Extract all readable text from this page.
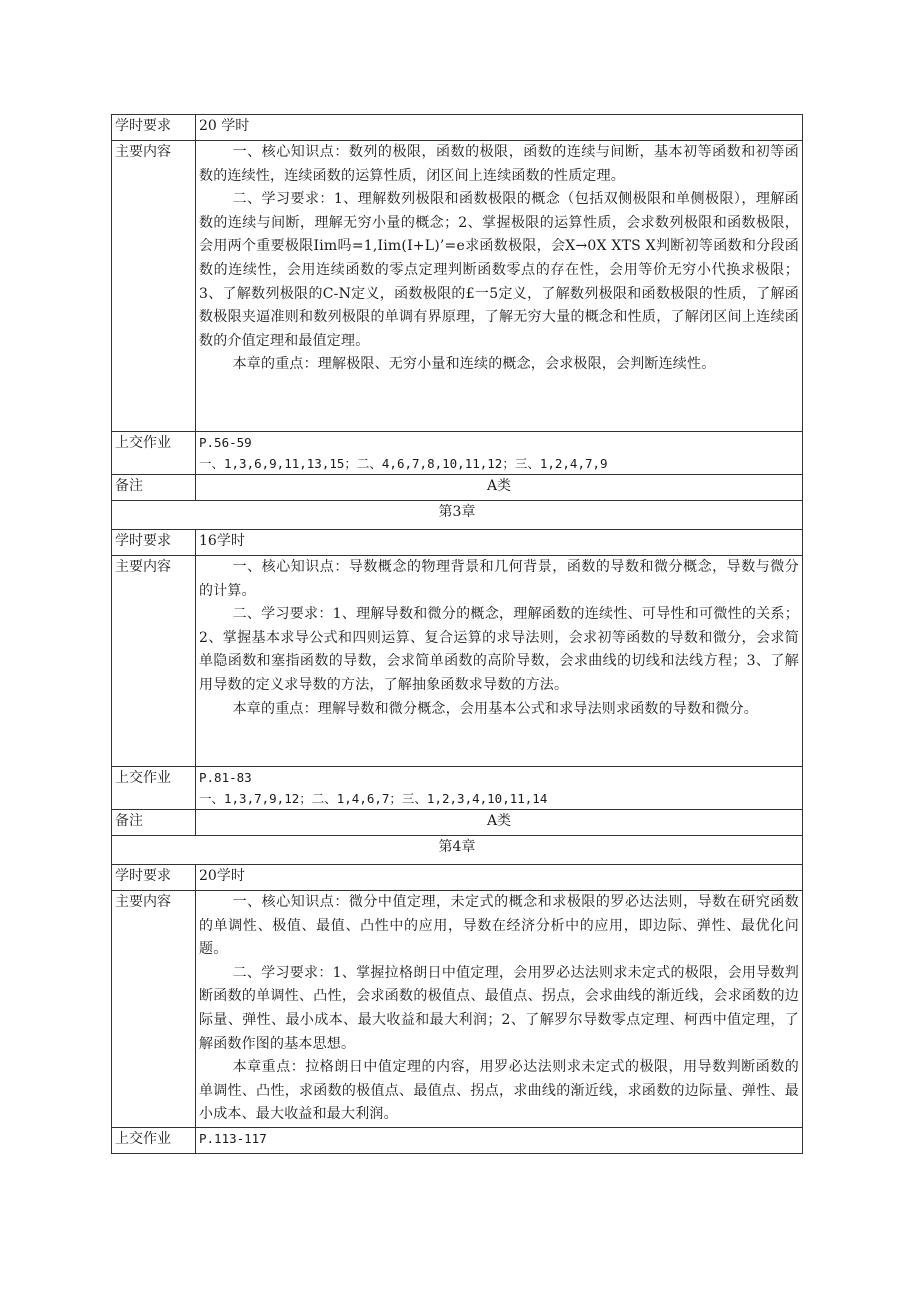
学时要求	20 学时
主要内容	一、核心知识点：数列的极限，函数的极限，函数的连续与间断，基本初等函数和初等函数的连续性，连续函数的运算性质，闭区间上连续函数的性质定理。

二、学习要求：1、理解数列极限和函数极限的概念（包括双侧极限和单侧极限），理解函数的连续与间断，理解无穷小量的概念；2、掌握极限的运算性质，会求数列极限和函数极限，会用两个重要极限Iim吗=1,Iim(I+L)’=e求函数极限，会X→0X XTS X判断初等函数和分段函数的连续性，会用连续函数的零点定理判断函数零点的存在性，会用等价无穷小代换求极限；3、了解数列极限的C-N定义，函数极限的£一5定义，了解数列极限和函数极限的性质，了解函数极限夹逼准则和数列极限的单调有界原理，了解无穷大量的概念和性质，了解闭区间上连续函数的介值定理和最值定理。

本章的重点：理解极限、无穷小量和连续的概念，会求极限，会判断连续性。

上交作业	P.56-59
一、1,3,6,9,11,13,15；二、4,6,7,8,10,11,12；三、1,2,4,7,9

备注	A类
第3章	
学时要求	16学时
主要内容	一、核心知识点：导数概念的物理背景和几何背景，函数的导数和微分概念，导数与微分的计算。

二、学习要求：1、理解导数和微分的概念，理解函数的连续性、可导性和可微性的关系；2、掌握基本求导公式和四则运算、复合运算的求导法则，会求初等函数的导数和微分，会求简单隐函数和塞指函数的导数，会求简单函数的高阶导数，会求曲线的切线和法线方程；3、了解用导数的定义求导数的方法，了解抽象函数求导数的方法。

本章的重点：理解导数和微分概念，会用基本公式和求导法则求函数的导数和微分。

上交作业	P.81-83
一、1,3,7,9,12；二、1,4,6,7；三、1,2,3,4,10,11,14

备注	A类
第4章	
学时要求	20学时
主要内容	一、核心知识点：微分中值定理，未定式的概念和求极限的罗必达法则，导数在研究函数的单调性、极值、最值、凸性中的应用，导数在经济分析中的应用，即边际、弹性、最优化问题。

二、学习要求：1、掌握拉格朗日中值定理，会用罗必达法则求未定式的极限，会用导数判断函数的单调性、凸性，会求函数的极值点、最值点、拐点，会求曲线的渐近线，会求函数的边际量、弹性、最小成本、最大收益和最大利润；2、了解罗尔导数零点定理、柯西中值定理，了解函数作图的基本思想。

本章重点：拉格朗日中值定理的内容，用罗必达法则求未定式的极限，用导数判断函数的单调性、凸性，求函数的极值点、最值点、拐点，求曲线的渐近线，求函数的边际量、弹性、最小成本、最大收益和最大利润。

上交作业	P.113-117
